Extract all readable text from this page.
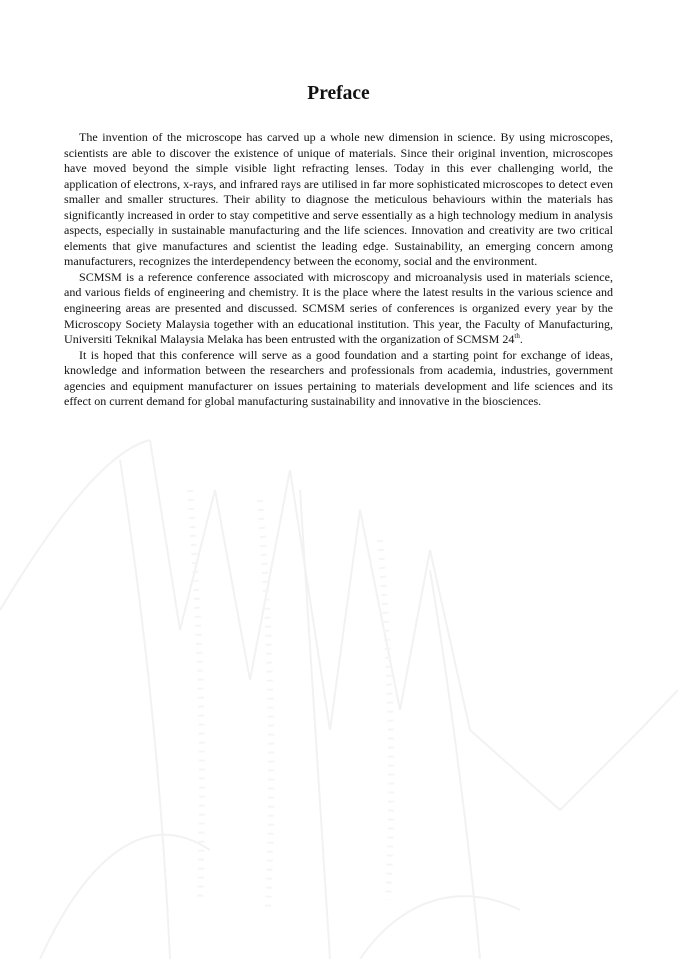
Preface

The invention of the microscope has carved up a whole new dimension in science. By using microscopes, scientists are able to discover the existence of unique of materials. Since their original invention, microscopes have moved beyond the simple visible light refracting lenses. Today in this ever challenging world, the application of electrons, x-rays, and infrared rays are utilised in far more sophisticated microscopes to detect even smaller and smaller structures. Their ability to diagnose the meticulous behaviours within the materials has significantly increased in order to stay competitive and serve essentially as a high technology medium in analysis aspects, especially in sustainable manufacturing and the life sciences. Innovation and creativity are two critical elements that give manufactures and scientist the leading edge. Sustainability, an emerging concern among manufacturers, recognizes the interdependency between the economy, social and the environment.

SCMSM is a reference conference associated with microscopy and microanalysis used in materials science, and various fields of engineering and chemistry. It is the place where the latest results in the various science and engineering areas are presented and discussed. SCMSM series of conferences is organized every year by the Microscopy Society Malaysia together with an educational institution. This year, the Faculty of Manufacturing, Universiti Teknikal Malaysia Melaka has been entrusted with the organization of SCMSM 24th.

It is hoped that this conference will serve as a good foundation and a starting point for exchange of ideas, knowledge and information between the researchers and professionals from academia, industries, government agencies and equipment manufacturer on issues pertaining to materials development and life sciences and its effect on current demand for global manufacturing sustainability and innovative in the biosciences.
